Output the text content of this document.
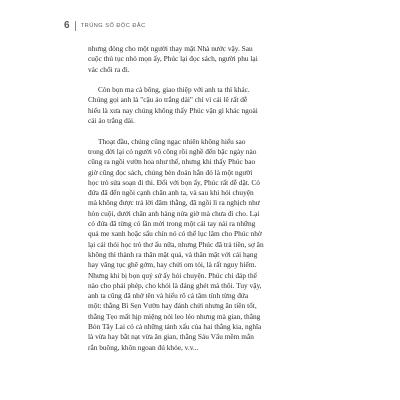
6 TRÚNG SỐ ĐỘC ĐẮC
nhưng đóng cho một người thay mặt Nhà nước vậy. Sau
cuộc thủ tục nhỏ mọn ấy, Phúc lại đọc sách, người phu lại
vác chổi ra đi.
Còn bọn ma cà bông, giao thiệp với anh ta thì khác.
Chúng gọi anh là "cậu áo trắng dài" chỉ vì cái lẽ rất dễ
hiểu là xưa nay chúng không thấy Phúc vận gì khác ngoài
cái áo trắng dài.
Thoạt đầu, chúng cũng ngạc nhiên không hiểu sao
trong đời lại có người vô công rồi nghề đến bậc ngày nào
cũng ra ngồi vườn hoa như thế, nhưng khi thấy Phúc bao
giờ cũng đọc sách, chúng bèn đoán hắn đó là một người
học trò sửa soạn đi thi. Đối với bọn ấy, Phúc rất dễ dật. Có
đứa đã đến ngồi cạnh chăn anh ta, và sau khi hỏi chuyện
mà không được trả lời đâm thằng, đã ngồi lì ra nghịch như
hòn cuội, dưới chân anh hàng nửa giờ mà chưa đi cho. Lại
có đứa đã từng có lần mời trong một cái tay nải ra những
quả me xanh hoặc sấu chín nó có thể lục lâm cho Phúc nhờ
lại cái thói học trò thơ ấu nữa, nhưng Phúc đã trả tiền, sợ ăn
không thì thành ra thân mật quá, và thân mật với cái hạng
hay văng tục ghê gớm, hay chửi om tỏi, là rất nguy hiểm.
Nhưng khi bị bọn quỷ sứ ấy hỏi chuyện. Phúc chỉ đáp thế
nào cho phải phép, cho khỏi là đáng ghét mà thôi. Tuy vậy,
anh ta cũng đã nhớ tên và hiểu rõ cá tâm tính từng đứa
một: thằng Bì Sẹn Vườn hay đánh chửi nhưng ăn tiền tốt,
thằng Tẹo mất hịp miệng nói leo léo nhưng mà gian, thằng
Bỏn Tây Lai có cả những tánh xấu của hai thằng kia, nghĩa
là vừa hay bắt nạt vừa ăn gian, thằng Sáu Vẩu mềm mắn
rắn buông, khôn ngoan đú khỏe, v.v...
